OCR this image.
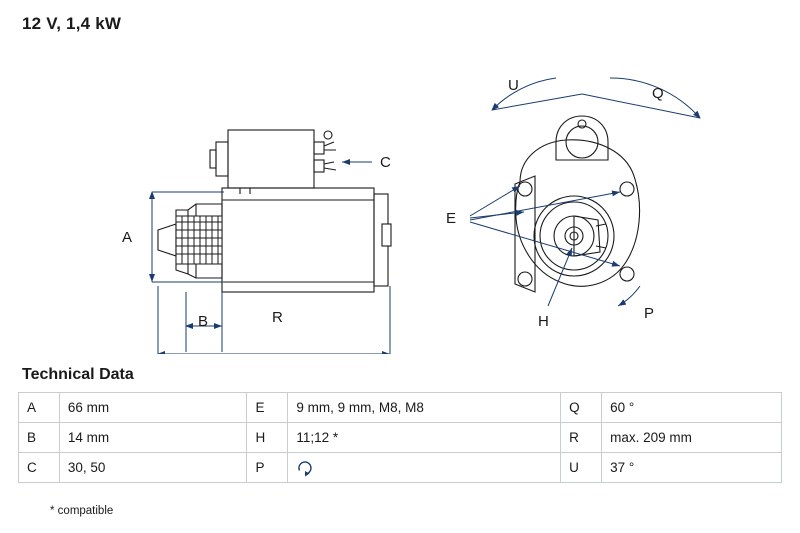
12 V, 1,4 kW
A
B	R
C
U	Q
E
H	P
Technical Data
A	66 mm	E	9 mm, 9 mm, M8, M8	Q	60 °
B	14 mm	H	11;12 *	R	max. 209 mm
C	30, 50	P		U	37 °
* compatible
